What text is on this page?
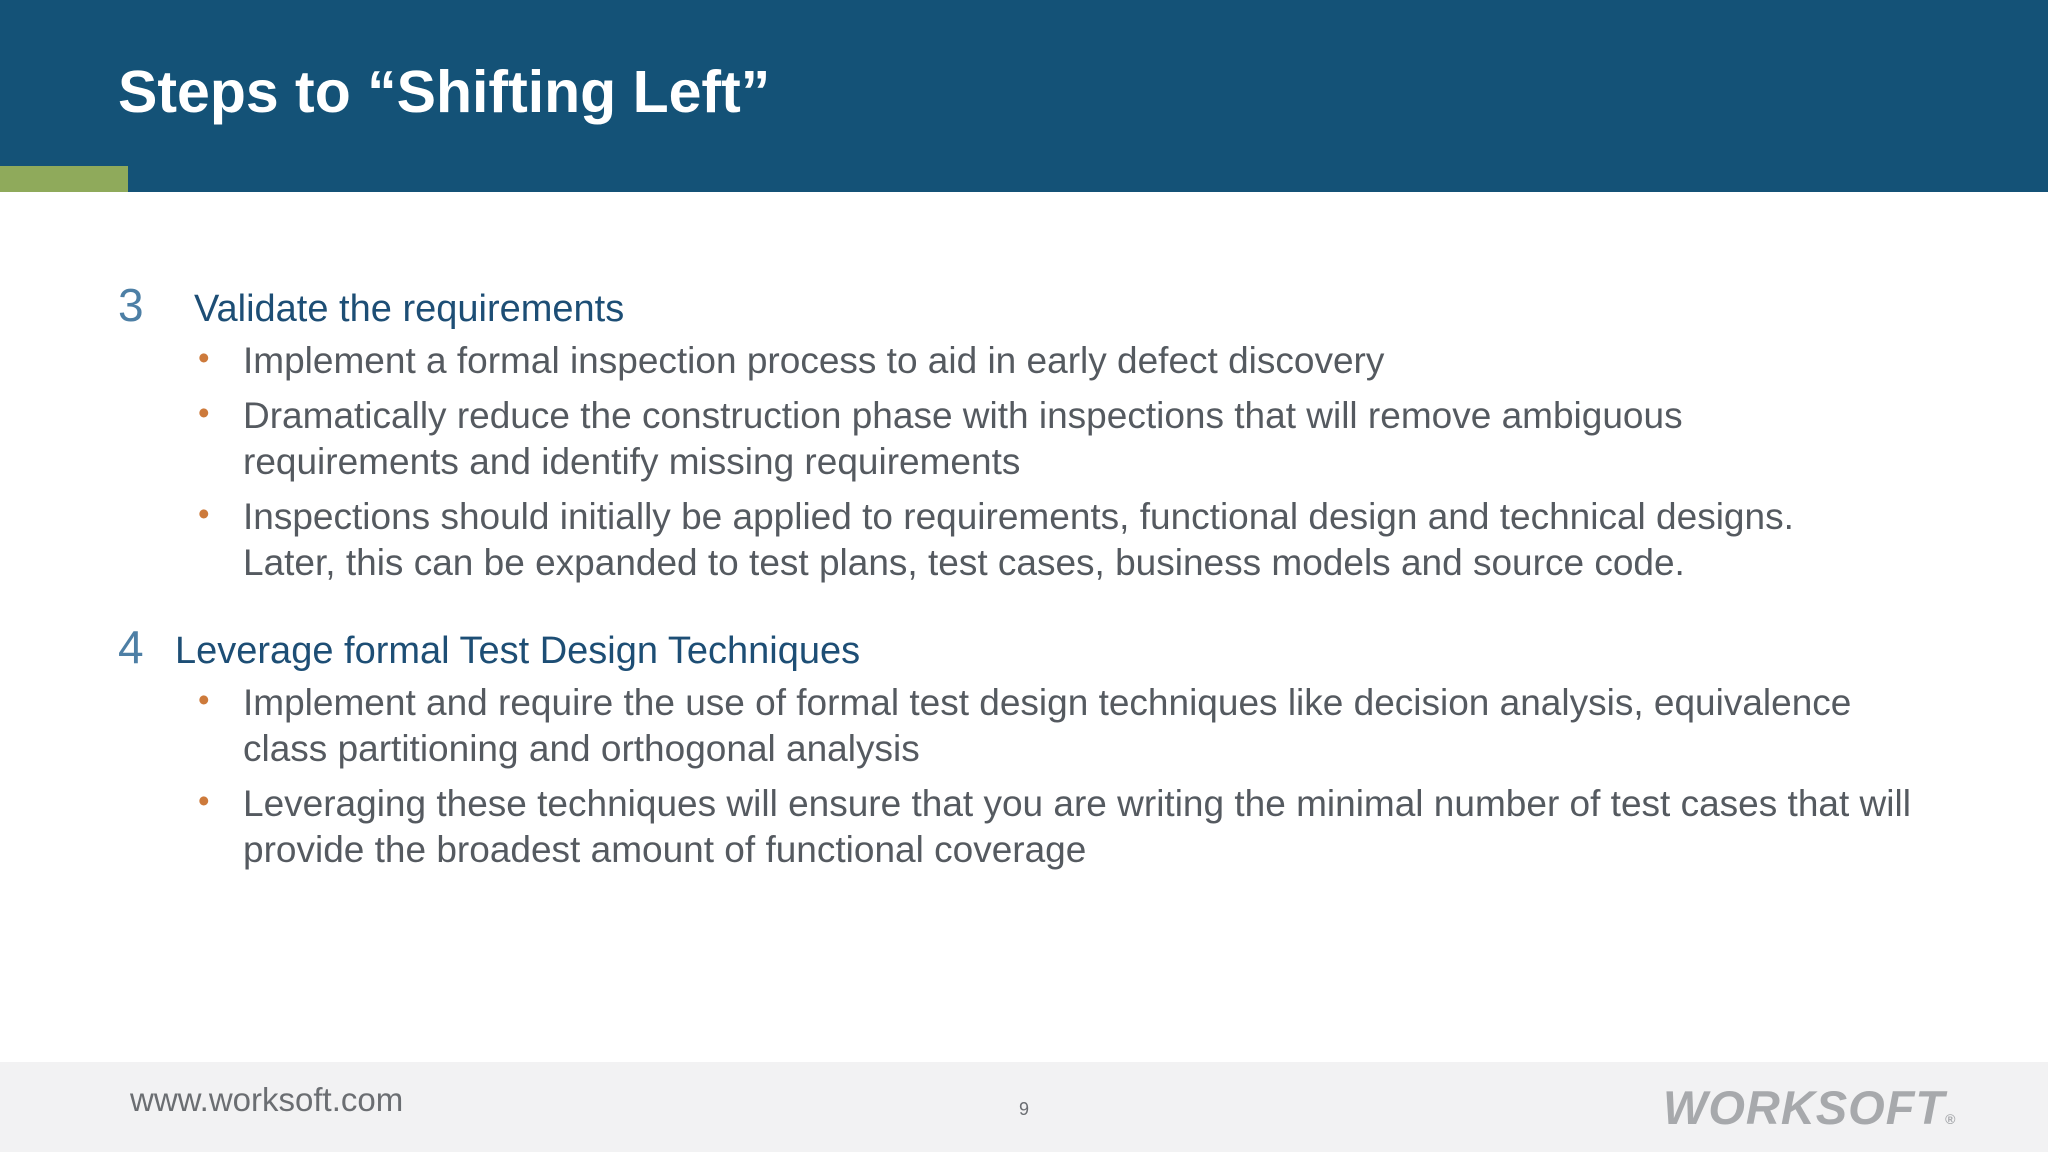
Steps to “Shifting Left”
3 Validate the requirements
• Implement a formal inspection process to aid in early defect discovery
• Dramatically reduce the construction phase with inspections that will remove ambiguous requirements and identify missing requirements
• Inspections should initially be applied to requirements, functional design and technical designs. Later, this can be expanded to test plans, test cases, business models and source code.
4 Leverage formal Test Design Techniques
• Implement and require the use of formal test design techniques like decision analysis, equivalence class partitioning and orthogonal analysis
• Leveraging these techniques will ensure that you are writing the minimal number of test cases that will provide the broadest amount of functional coverage
www.worksoft.com	9	WORKSOFT®
